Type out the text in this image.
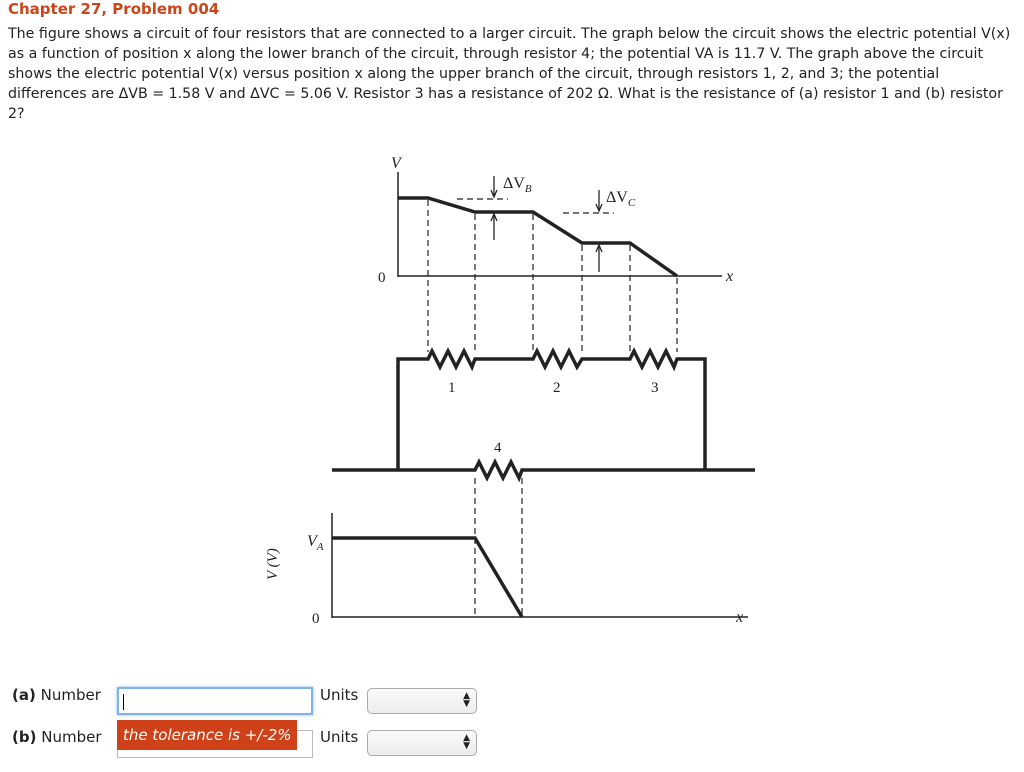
Chapter 27, Problem 004
The figure shows a circuit of four resistors that are connected to a larger circuit. The graph below the circuit shows the electric potential V(x) as a function of position x along the lower branch of the circuit, through resistor 4; the potential VA is 11.7 V. The graph above the circuit shows the electric potential V(x) versus position x along the upper branch of the circuit, through resistors 1, 2, and 3; the potential differences are ΔVB = 1.58 V and ΔVC = 5.06 V. Resistor 3 has a resistance of 202 Ω. What is the resistance of (a) resistor 1 and (b) resistor 2?
V
x
x
$\Delta V_B$	$\Delta V_C$
$V_A$
V (V)
0
0
1	2	3
4
(a) Number	Units	▲
▼
(b) Number	Units	▲
▼
the tolerance is +/-2%
